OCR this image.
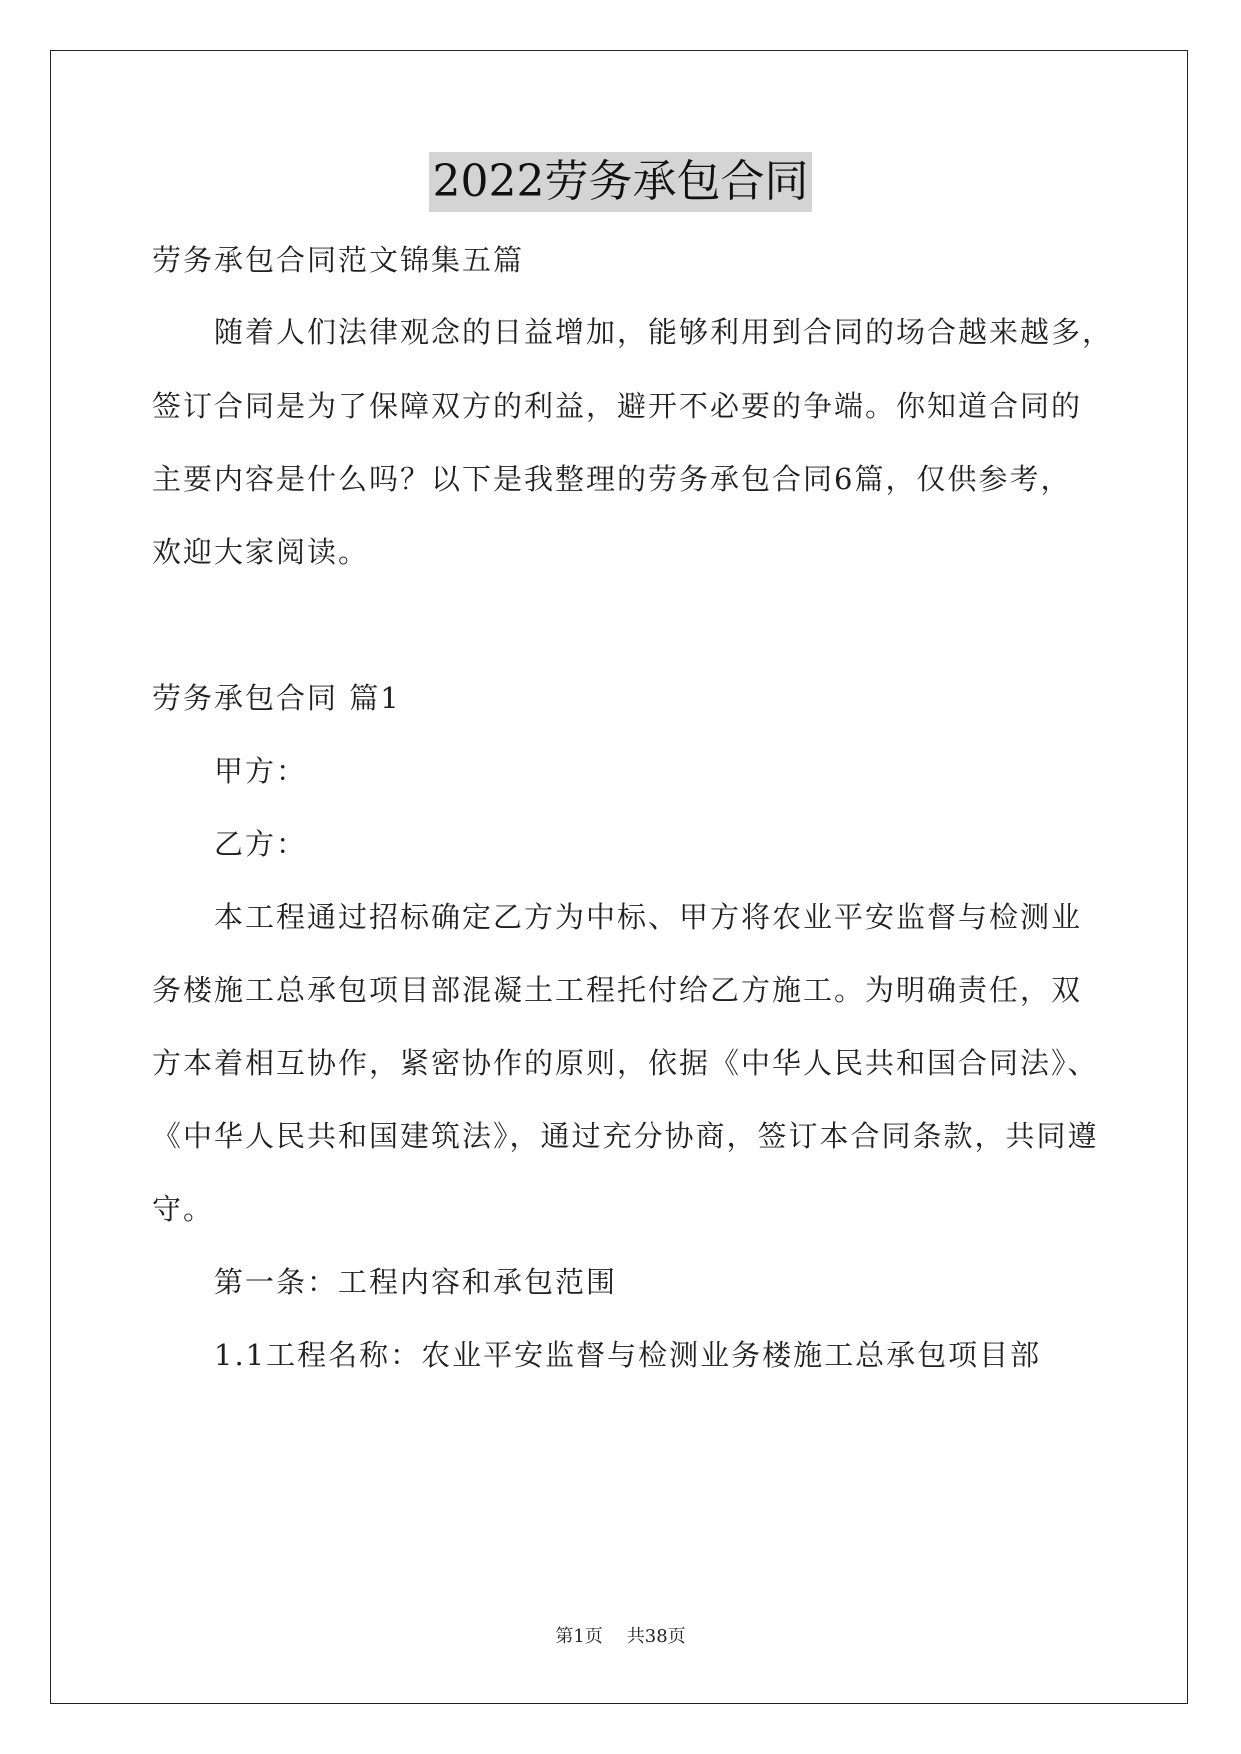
2022劳务承包合同
劳务承包合同范文锦集五篇
随着人们法律观念的日益增加，能够利用到合同的场合越来越多，
签订合同是为了保障双方的利益，避开不必要的争端。你知道合同的
主要内容是什么吗？以下是我整理的劳务承包合同6篇，仅供参考，
欢迎大家阅读。
劳务承包合同 篇1
甲方：
乙方：
本工程通过招标确定乙方为中标、甲方将农业平安监督与检测业
务楼施工总承包项目部混凝土工程托付给乙方施工。为明确责任，双
方本着相互协作，紧密协作的原则，依据《中华人民共和国合同法》、
《中华人民共和国建筑法》，通过充分协商，签订本合同条款，共同遵
守。
第一条：工程内容和承包范围
1.1工程名称：农业平安监督与检测业务楼施工总承包项目部
第1页 共38页
